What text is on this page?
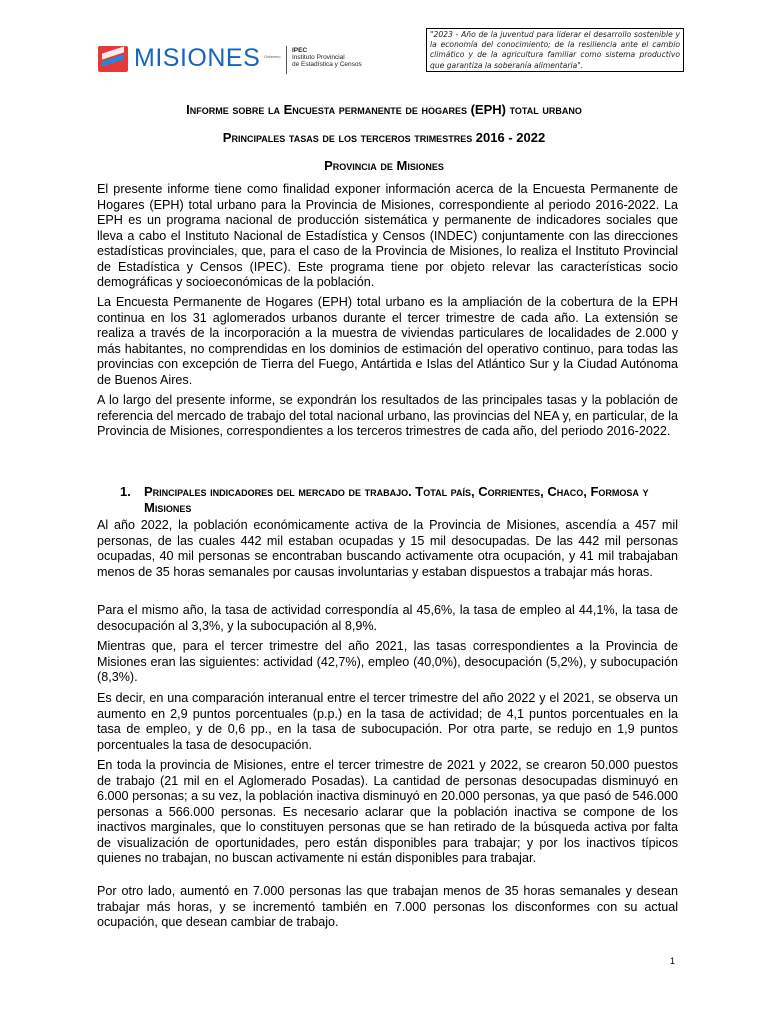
MISIONES Gobierno
IPEC
Instituto Provincial
de Estadística y Censos
"2023 - Año de la juventud para liderar el desarrollo sostenible y la economía del conocimiento; de la resiliencia ante el cambio climático y de la agricultura familiar como sistema productivo que garantiza la soberanía alimentaria".
Informe sobre la Encuesta permanente de hogares (EPH) total urbano
Principales tasas de los terceros trimestres 2016 - 2022
Provincia de Misiones
El presente informe tiene como finalidad exponer información acerca de la Encuesta Permanente de Hogares (EPH) total urbano para la Provincia de Misiones, correspondiente al periodo 2016-2022. La EPH es un programa nacional de producción sistemática y permanente de indicadores sociales que lleva a cabo el Instituto Nacional de Estadística y Censos (INDEC) conjuntamente con las direcciones estadísticas provinciales, que, para el caso de la Provincia de Misiones, lo realiza el Instituto Provincial de Estadística y Censos (IPEC). Este programa tiene por objeto relevar las características socio demográficas y socioeconómicas de la población.
La Encuesta Permanente de Hogares (EPH) total urbano es la ampliación de la cobertura de la EPH continua en los 31 aglomerados urbanos durante el tercer trimestre de cada año. La extensión se realiza a través de la incorporación a la muestra de viviendas particulares de localidades de 2.000 y más habitantes, no comprendidas en los dominios de estimación del operativo continuo, para todas las provincias con excepción de Tierra del Fuego, Antártida e Islas del Atlántico Sur y la Ciudad Autónoma de Buenos Aires.
A lo largo del presente informe, se expondrán los resultados de las principales tasas y la población de referencia del mercado de trabajo del total nacional urbano, las provincias del NEA y, en particular, de la Provincia de Misiones, correspondientes a los terceros trimestres de cada año, del periodo 2016-2022.
1. Principales indicadores del mercado de trabajo. Total país, Corrientes, Chaco, Formosa y Misiones
Al año 2022, la población económicamente activa de la Provincia de Misiones, ascendía a 457 mil personas, de las cuales 442 mil estaban ocupadas y 15 mil desocupadas. De las 442 mil personas ocupadas, 40 mil personas se encontraban buscando activamente otra ocupación, y 41 mil trabajaban menos de 35 horas semanales por causas involuntarias y estaban dispuestos a trabajar más horas.
Para el mismo año, la tasa de actividad correspondía al 45,6%, la tasa de empleo al 44,1%, la tasa de desocupación al 3,3%, y la subocupación al 8,9%.
Mientras que, para el tercer trimestre del año 2021, las tasas correspondientes a la Provincia de Misiones eran las siguientes: actividad (42,7%), empleo (40,0%), desocupación (5,2%), y subocupación (8,3%).
Es decir, en una comparación interanual entre el tercer trimestre del año 2022 y el 2021, se observa un aumento en 2,9 puntos porcentuales (p.p.) en la tasa de actividad; de 4,1 puntos porcentuales en la tasa de empleo, y de 0,6 pp., en la tasa de subocupación. Por otra parte, se redujo en 1,9 puntos porcentuales la tasa de desocupación.
En toda la provincia de Misiones, entre el tercer trimestre de 2021 y 2022, se crearon 50.000 puestos de trabajo (21 mil en el Aglomerado Posadas). La cantidad de personas desocupadas disminuyó en 6.000 personas; a su vez, la población inactiva disminuyó en 20.000 personas, ya que pasó de 546.000 personas a 566.000 personas. Es necesario aclarar que la población inactiva se compone de los inactivos marginales, que lo constituyen personas que se han retirado de la búsqueda activa por falta de visualización de oportunidades, pero están disponibles para trabajar; y por los inactivos típicos quienes no trabajan, no buscan activamente ni están disponibles para trabajar.
Por otro lado, aumentó en 7.000 personas las que trabajan menos de 35 horas semanales y desean trabajar más horas, y se incrementó también en 7.000 personas los disconformes con su actual ocupación, que desean cambiar de trabajo.
1
